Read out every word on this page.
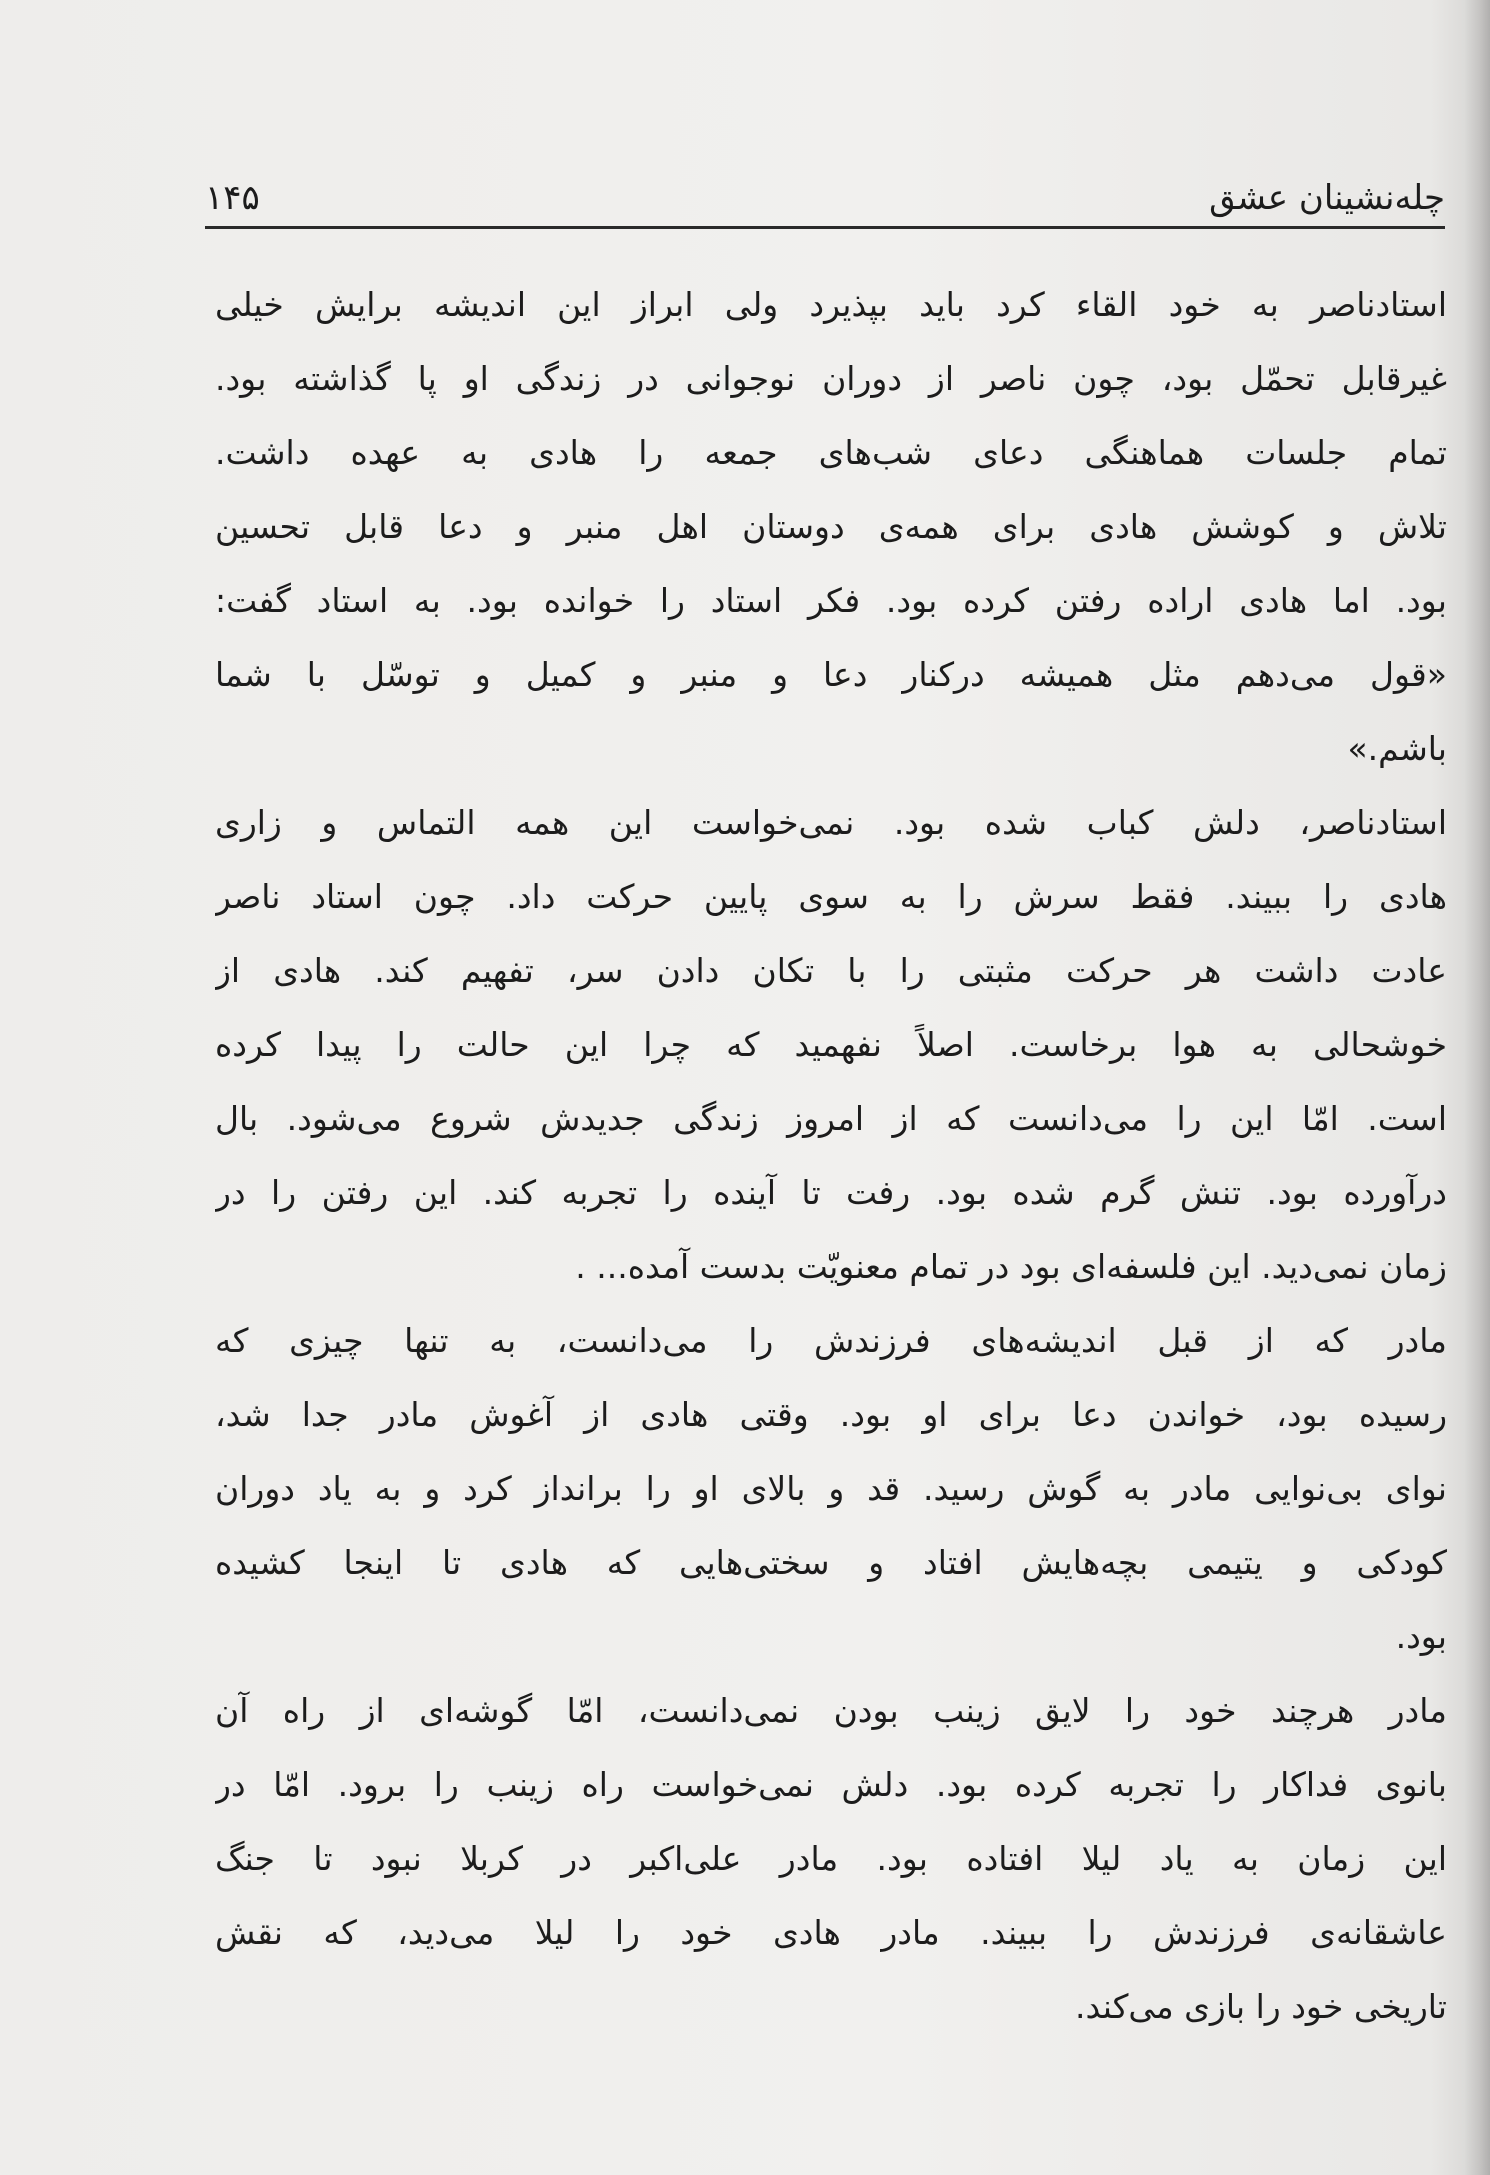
چله‌نشینان عشق
۱۴۵
استادناصر به خود القاء کرد باید بپذیرد ولی ابراز این اندیشه برایش خیلی
غیرقابل تحمّل بود، چون ناصر از دوران نوجوانی در زندگی او پا گذاشته بود.
تمام جلسات هماهنگی دعای شب‌های جمعه را هادی به عهده داشت.
تلاش و کوشش هادی برای همه‌ی دوستان اهل منبر و دعا قابل تحسین
بود. اما هادی اراده رفتن کرده بود. فکر استاد را خوانده بود. به استاد گفت:
«قول می‌دهم مثل همیشه درکنار دعا و منبر و کمیل و توسّل با شما
باشم.»
استادناصر، دلش کباب شده بود. نمی‌خواست این همه التماس و زاری
هادی را ببیند. فقط سرش را به سوی پایین حرکت داد. چون استاد ناصر
عادت داشت هر حرکت مثبتی را با تکان دادن سر، تفهیم کند. هادی از
خوشحالی به هوا برخاست. اصلاً نفهمید که چرا این حالت را پیدا کرده
است. امّا این را می‌دانست که از امروز زندگی جدیدش شروع می‌شود. بال
درآورده بود. تنش گرم شده بود. رفت تا آینده را تجربه کند. این رفتن را در
زمان نمی‌دید. این فلسفه‌ای بود در تمام معنویّت بدست آمده... .
مادر که از قبل اندیشه‌های فرزندش را می‌دانست، به تنها چیزی که
رسیده بود، خواندن دعا برای او بود. وقتی هادی از آغوش مادر جدا شد،
نوای بی‌نوایی مادر به گوش رسید. قد و بالای او را برانداز کرد و به یاد دوران
کودکی و یتیمی بچه‌هایش افتاد و سختی‌هایی که هادی تا اینجا کشیده
بود.
مادر هرچند خود را لایق زینب بودن نمی‌دانست، امّا گوشه‌ای از راه آن
بانوی فداکار را تجربه کرده بود. دلش نمی‌خواست راه زینب را برود. امّا در
این زمان به یاد لیلا افتاده بود. مادر علی‌اکبر در کربلا نبود تا جنگ
عاشقانه‌ی فرزندش را ببیند. مادر هادی خود را لیلا می‌دید، که نقش
تاریخی خود را بازی می‌کند.
